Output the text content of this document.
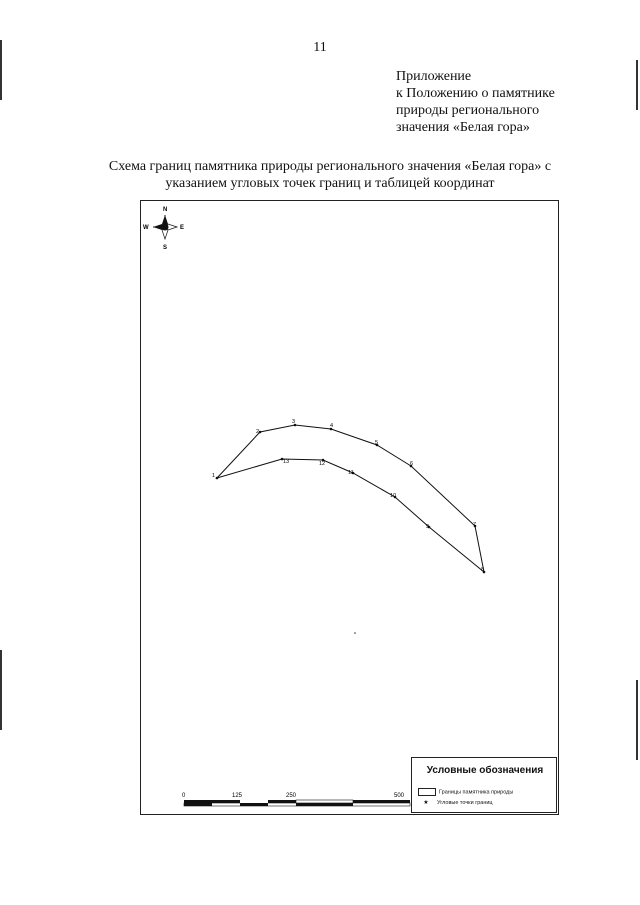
11
Приложение
к Положению о памятнике
природы регионального
значения «Белая гора»
Схема границ памятника природы регионального значения «Белая гора» с
указанием угловых точек границ и таблицей координат
N
S
W	E
1
2
3
4
5
6
7
8
9
10
11
12
13
0	125	250	500
Условные обозначения
Границы памятника природы
★ Угловые точки границ
